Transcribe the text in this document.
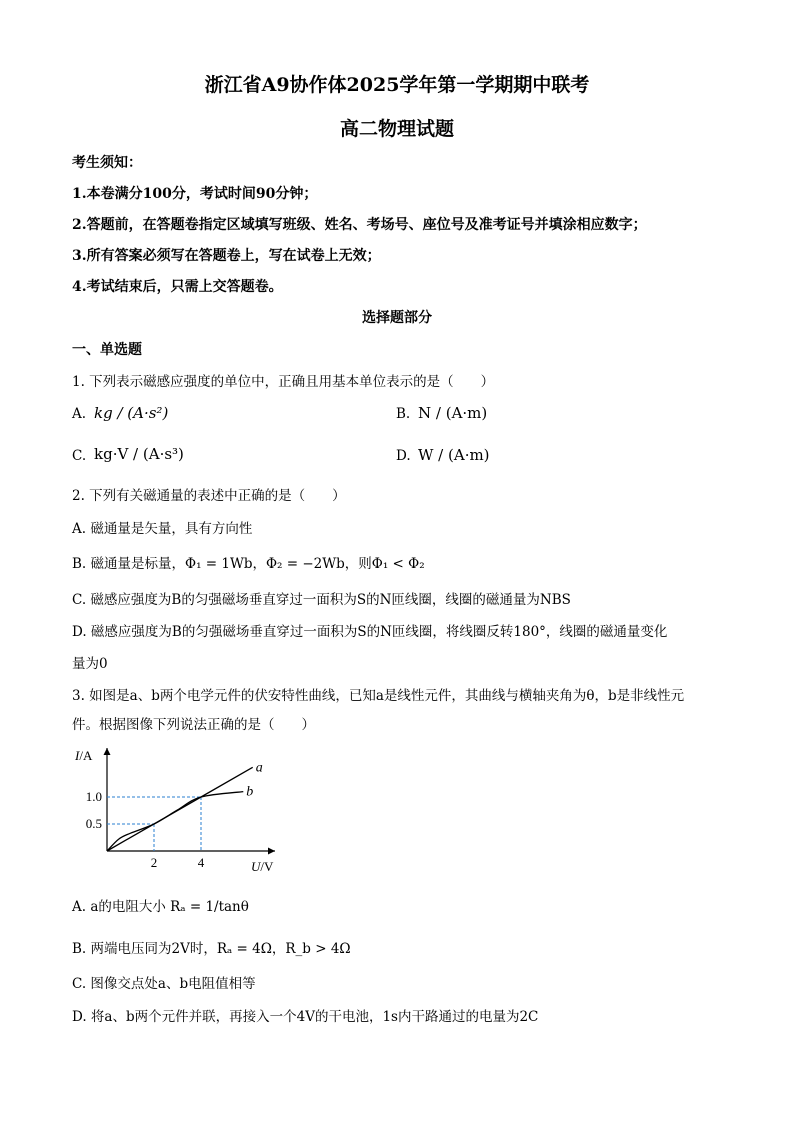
浙江省A9协作体2025学年第一学期期中联考
高二物理试题
考生须知：
1.本卷满分100分，考试时间90分钟；
2.答题前，在答题卷指定区域填写班级、姓名、考场号、座位号及准考证号并填涂相应数字；
3.所有答案必须写在答题卷上，写在试卷上无效；
4.考试结束后，只需上交答题卷。
选择题部分
一、单选题
1. 下列表示磁感应强度的单位中，正确且用基本单位表示的是（　　）
A. kg / (A·s²)	B. N / (A·m)
C. kg·V / (A·s³)	D. W / (A·m)
2. 下列有关磁通量的表述中正确的是（　　）
A. 磁通量是矢量，具有方向性
B. 磁通量是标量，Φ₁ = 1Wb，Φ₂ = −2Wb，则Φ₁ < Φ₂
C. 磁感应强度为B的匀强磁场垂直穿过一面积为S的N匝线圈，线圈的磁通量为NBS
D. 磁感应强度为B的匀强磁场垂直穿过一面积为S的N匝线圈，将线圈反转180°，线圈的磁通量变化
量为0
3. 如图是a、b两个电学元件的伏安特性曲线，已知a是线性元件，其曲线与横轴夹角为θ，b是非线性元
件。根据图像下列说法正确的是（　　）
a
b
2	4
0.5
1.0
U/V
I/A
A. a的电阻大小 Rₐ = 1/tanθ
B. 两端电压同为2V时，Rₐ = 4Ω，R_b > 4Ω
C. 图像交点处a、b电阻值相等
D. 将a、b两个元件并联，再接入一个4V的干电池，1s内干路通过的电量为2C
